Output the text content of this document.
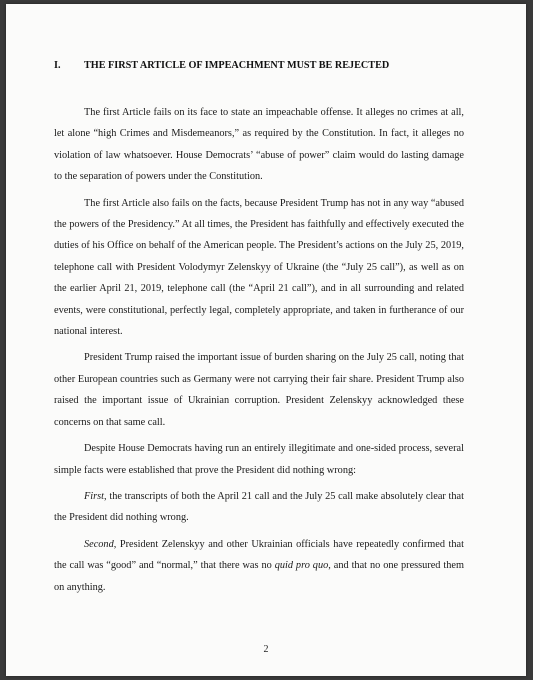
I. THE FIRST ARTICLE OF IMPEACHMENT MUST BE REJECTED

The first Article fails on its face to state an impeachable offense. It alleges no crimes at all, let alone “high Crimes and Misdemeanors,” as required by the Constitution. In fact, it alleges no violation of law whatsoever. House Democrats’ “abuse of power” claim would do lasting damage to the separation of powers under the Constitution.

The first Article also fails on the facts, because President Trump has not in any way “abused the powers of the Presidency.” At all times, the President has faithfully and effectively executed the duties of his Office on behalf of the American people. The President’s actions on the July 25, 2019, telephone call with President Volodymyr Zelenskyy of Ukraine (the “July 25 call”), as well as on the earlier April 21, 2019, telephone call (the “April 21 call”), and in all surrounding and related events, were constitutional, perfectly legal, completely appropriate, and taken in furtherance of our national interest.

President Trump raised the important issue of burden sharing on the July 25 call, noting that other European countries such as Germany were not carrying their fair share. President Trump also raised the important issue of Ukrainian corruption. President Zelenskyy acknowledged these concerns on that same call.

Despite House Democrats having run an entirely illegitimate and one-sided process, several simple facts were established that prove the President did nothing wrong:

First, the transcripts of both the April 21 call and the July 25 call make absolutely clear that the President did nothing wrong.

Second, President Zelenskyy and other Ukrainian officials have repeatedly confirmed that the call was “good” and “normal,” that there was no quid pro quo, and that no one pressured them on anything.

2
